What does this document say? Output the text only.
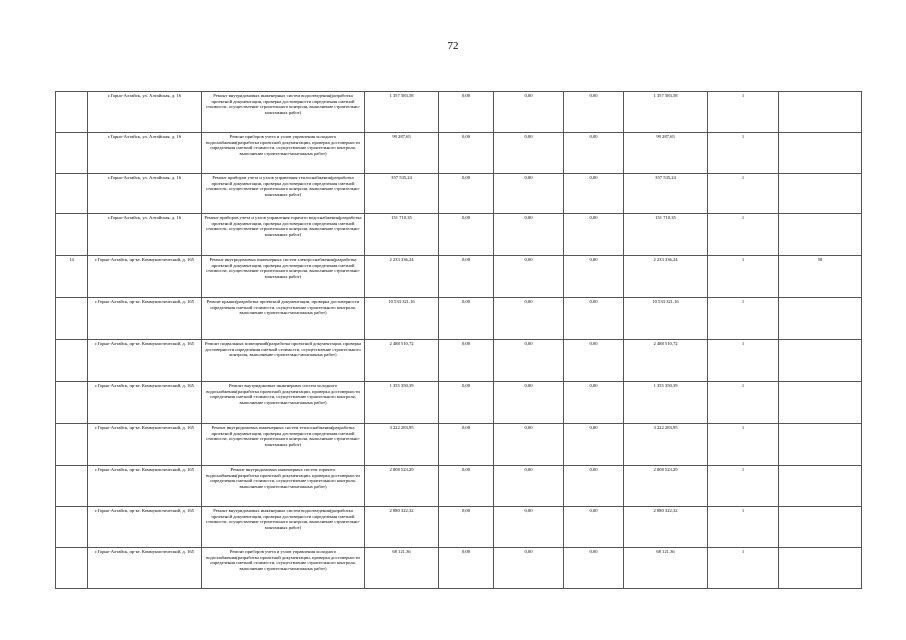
72
	г.Горно-Алтайск, ул. Алтайская, д. 16	Ремонт внутридомовых инженерных систем водоотведения(разработка проектной документации, проверка достоверности определения сметной стоимости, осуществление строительного контроля, выполнение строительно-монтажных работ)	1 357 583,58	0,00	0,00	0,00	1 357 583,58	1	
	г.Горно-Алтайск, ул. Алтайская, д. 16	Ремонт приборов учета и узлов управления холодного водоснабжения(разработка проектной документации, проверка достоверности определения сметной стоимости, осуществление строительного контроля, выполнение строительно-монтажных работ)	99 287,65	0,00	0,00	0,00	99 287,65	1	
	г.Горно-Алтайск, ул. Алтайская, д. 16	Ремонт приборов учета и узлов управления теплоснабжения(разработка проектной документации, проверка достоверности определения сметной стоимости, осуществление строительного контроля, выполнение строительно-монтажных работ)	357 535,24	0,00	0,00	0,00	357 535,24	1	
	г.Горно-Алтайск, ул. Алтайская, д. 16	Ремонт приборов учета и узлов управления горячего водоснабжения(разработка проектной документации, проверка достоверности определения сметной стоимости, осуществление строительного контроля, выполнение строительно-монтажных работ)	151 710,35	0,00	0,00	0,00	151 710,35	1	
14	г.Горно-Алтайск, пр-кт. Коммунистический, д. 165	Ремонт внутридомовых инженерных систем электроснабжения(разработка проектной документации, проверка достоверности определения сметной стоимости, осуществление строительного контроля, выполнение строительно-монтажных работ)	2 233 336,24	0,00	0,00	0,00	2 233 336,24	1	58
	г.Горно-Алтайск, пр-кт. Коммунистический, д. 165	Ремонт крыши(разработка проектной документации, проверка достоверности определения сметной стоимости, осуществление строительного контроля, выполнение строительно-монтажных работ)	10 533 321,16	0,00	0,00	0,00	10 533 321,16	1	
	г.Горно-Алтайск, пр-кт. Коммунистический, д. 165	Ремонт подвальных помещений(разработка проектной документации, проверка достоверности определения сметной стоимости, осуществление строительного контроля, выполнение строительно-монтажных работ)	2 488 510,72	0,00	0,00	0,00	2 488 510,72	1	
	г.Горно-Алтайск, пр-кт. Коммунистический, д. 165	Ремонт внутридомовых инженерных систем холодного водоснабжения(разработка проектной документации, проверка достоверности определения сметной стоимости, осуществление строительного контроля, выполнение строительно-монтажных работ)	1 355 350,39	0,00	0,00	0,00	1 355 350,39	1	
	г.Горно-Алтайск, пр-кт. Коммунистический, д. 165	Ремонт внутридомовых инженерных систем теплоснабжения(разработка проектной документации, проверка достоверности определения сметной стоимости, осуществление строительного контроля, выполнение строительно-монтажных работ)	3 222 283,95	0,00	0,00	0,00	3 222 283,95	1	
	г.Горно-Алтайск, пр-кт. Коммунистический, д. 165	Ремонт внутридомовых инженерных систем горячего водоснабжения(разработка проектной документации, проверка достоверности определения сметной стоимости, осуществление строительного контроля, выполнение строительно-монтажных работ)	2 008 523,29	0,00	0,00	0,00	2 008 523,29	1	
	г.Горно-Алтайск, пр-кт. Коммунистический, д. 165	Ремонт внутридомовых инженерных систем водоотведения(разработка проектной документации, проверка достоверности определения сметной стоимости, осуществление строительного контроля, выполнение строительно-монтажных работ)	2 080 322,32	0,00	0,00	0,00	2 080 322,32	1	
	г.Горно-Алтайск, пр-кт. Коммунистический, д. 165	Ремонт приборов учета и узлов управления холодного водоснабжения(разработка проектной документации, проверка достоверности определения сметной стоимости, осуществление строительного контроля, выполнение строительно-монтажных работ)	68 121,36	0,00	0,00	0,00	68 121,36	1	
